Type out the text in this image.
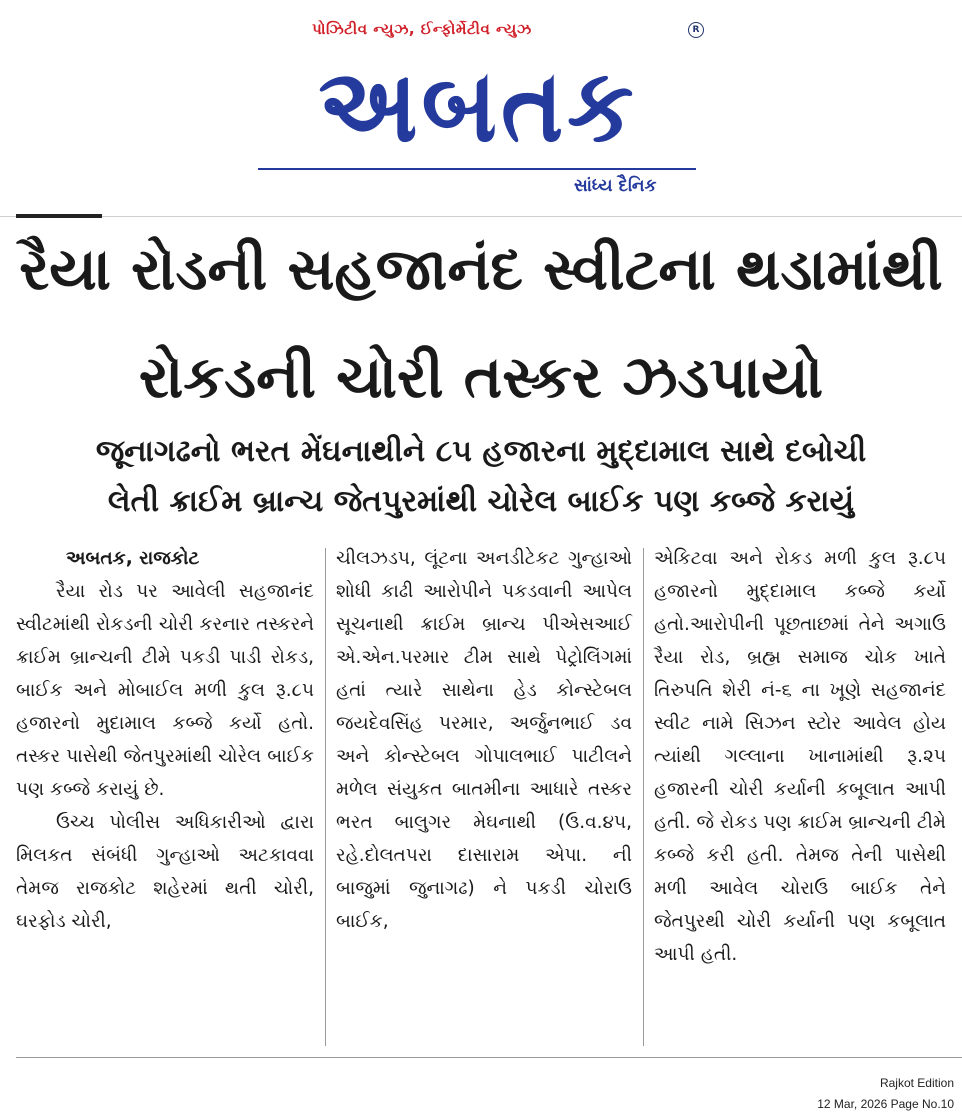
પોઝિટીવ ન્યુઝ, ઈન્ફોર્મેટીવ ન્યુઝ	R
અબતક
સાંધ્ય દૈનિક
રૈયા રોડની સહજાનંદ સ્વીટના થડામાંથી
રોકડની ચોરી તસ્કર ઝડપાયો
જૂનાગઢનો ભરત મેંઘનાથીને ૮૫ હજારના મુદ્દામાલ સાથે દબોચી
લેતી ક્રાઈમ બ્રાન્ચ જેતપુરમાંથી ચોરેલ બાઈક પણ કબ્જે કરાયું
અબતક, રાજકોટ

રૈયા રોડ પર આવેલી સહજાનંદ સ્વીટમાંથી રોકડની ચોરી કરનાર તસ્કરને ક્રાઈમ બ્રાન્ચની ટીમે પકડી પાડી રોકડ, બાઈક અને મોબાઈલ મળી કુલ રૂ.૮૫ હજારનો મુદામાલ કબ્જે કર્યો હતો. તસ્કર પાસેથી જેતપુરમાંથી ચોરેલ બાઈક પણ કબ્જે કરાયું છે.

ઉચ્ચ પોલીસ અધિકારીઓ દ્વારા મિલકત સંબંધી ગુન્હાઓ અટકાવવા તેમજ રાજકોટ શહેરમાં થતી ચોરી, ઘરફોડ ચોરી,

ચીલઝડપ, લૂંટના અનડીટેકટ ગુન્હાઓ શોધી કાઢી આરોપીને પકડવાની આપેલ સૂચનાથી ક્રાઈમ બ્રાન્ચ પીએસઆઈ એ.એન.પરમાર ટીમ સાથે પેટ્રોલિંગમાં હતાં ત્યારે સાથેના હેડ કોન્સ્ટેબલ જયદેવસિંહ પરમાર, અર્જુનભાઈ ડવ અને કોન્સ્ટેબલ ગોપાલભાઈ પાટીલને મળેલ સંયુકત બાતમીના આધારે તસ્કર ભરત બાલુગર મેઘનાથી (ઉ.વ.૪૫, રહે.દોલતપરા દાસારામ એપા. ની બાજુમાં જુનાગઢ) ને પકડી ચોરાઉ બાઈક,

એકિટવા અને રોકડ મળી કુલ રૂ.૮૫ હજારનો મુદ્દામાલ કબ્જે કર્યો હતો.આરોપીની પૂછતાછમાં તેને અગાઉ રૈયા રોડ, બ્રહ્મ સમાજ ચોક ખાતે તિરુપતિ શેરી નં-૬ ના ખૂણે સહજાનંદ સ્વીટ નામે સિઝન સ્ટોર આવેલ હોય ત્યાંથી ગલ્લાના ખાનામાંથી રૂ.૨૫ હજારની ચોરી કર્યાની કબૂલાત આપી હતી. જે રોકડ પણ ક્રાઈમ બ્રાન્ચની ટીમે કબ્જે કરી હતી. તેમજ તેની પાસેથી મળી આવેલ ચોરાઉ બાઈક તેને જેતપુરથી ચોરી કર્યાની પણ કબૂલાત આપી હતી.

Rajkot Edition
12 Mar, 2026 Page No.10
